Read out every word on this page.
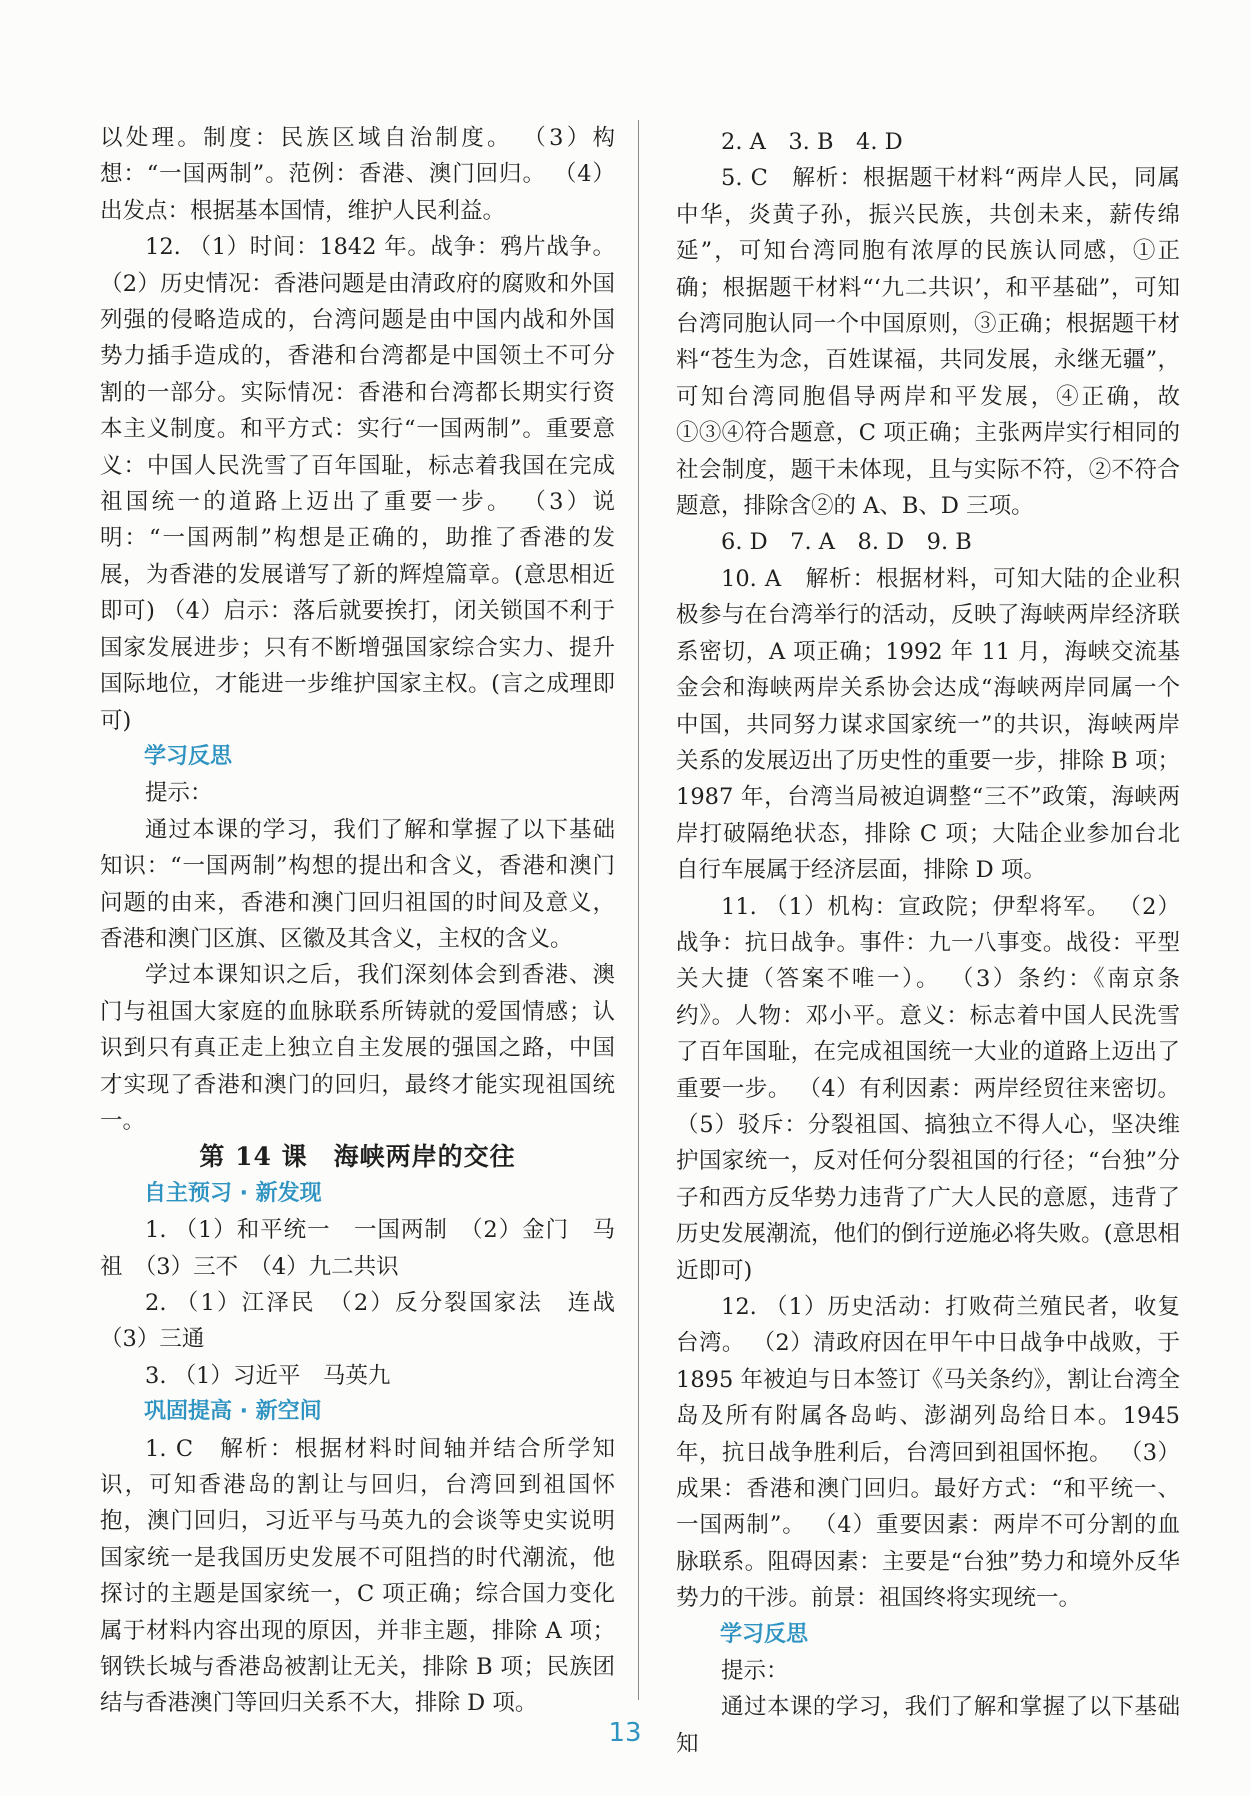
以处理。制度：民族区域自治制度。 （3）构想：“一国两制”。范例：香港、澳门回归。 （4）出发点：根据基本国情，维护人民利益。

12. （1）时间：1842 年。战争：鸦片战争。 （2）历史情况：香港问题是由清政府的腐败和外国列强的侵略造成的，台湾问题是由中国内战和外国势力插手造成的，香港和台湾都是中国领土不可分割的一部分。实际情况：香港和台湾都长期实行资本主义制度。和平方式：实行“一国两制”。重要意义：中国人民洗雪了百年国耻，标志着我国在完成祖国统一的道路上迈出了重要一步。 （3）说明：“一国两制”构想是正确的，助推了香港的发展，为香港的发展谱写了新的辉煌篇章。(意思相近即可) （4）启示：落后就要挨打，闭关锁国不利于国家发展进步；只有不断增强国家综合实力、提升国际地位，才能进一步维护国家主权。(言之成理即可)

学习反思

提示：

通过本课的学习，我们了解和掌握了以下基础知识：“一国两制”构想的提出和含义，香港和澳门问题的由来，香港和澳门回归祖国的时间及意义，香港和澳门区旗、区徽及其含义，主权的含义。

学过本课知识之后，我们深刻体会到香港、澳门与祖国大家庭的血脉联系所铸就的爱国情感；认识到只有真正走上独立自主发展的强国之路，中国才实现了香港和澳门的回归，最终才能实现祖国统一。

第 14 课　海峡两岸的交往

自主预习 · 新发现

1. （1）和平统一　一国两制　（2）金门　马祖　（3）三不　（4）九二共识

2. （1）江泽民　（2）反分裂国家法　连战 （3）三通

3. （1）习近平　马英九

巩固提高 · 新空间

1. C　解析：根据材料时间轴并结合所学知识，可知香港岛的割让与回归，台湾回到祖国怀抱，澳门回归，习近平与马英九的会谈等史实说明国家统一是我国历史发展不可阻挡的时代潮流，他探讨的主题是国家统一，C 项正确；综合国力变化属于材料内容出现的原因，并非主题，排除 A 项；钢铁长城与香港岛被割让无关，排除 B 项；民族团结与香港澳门等回归关系不大，排除 D 项。

2. A　3. B　4. D

5. C　解析：根据题干材料“两岸人民，同属中华，炎黄子孙，振兴民族，共创未来，薪传绵延”，可知台湾同胞有浓厚的民族认同感，①正确；根据题干材料“‘九二共识’，和平基础”，可知台湾同胞认同一个中国原则，③正确；根据题干材料“苍生为念，百姓谋福，共同发展，永继无疆”，可知台湾同胞倡导两岸和平发展，④正确，故①③④符合题意，C 项正确；主张两岸实行相同的社会制度，题干未体现，且与实际不符，②不符合题意，排除含②的 A、B、D 三项。

6. D　7. A　8. D　9. B

10. A　解析：根据材料，可知大陆的企业积极参与在台湾举行的活动，反映了海峡两岸经济联系密切，A 项正确；1992 年 11 月，海峡交流基金会和海峡两岸关系协会达成“海峡两岸同属一个中国，共同努力谋求国家统一”的共识，海峡两岸关系的发展迈出了历史性的重要一步，排除 B 项；1987 年，台湾当局被迫调整“三不”政策，海峡两岸打破隔绝状态，排除 C 项；大陆企业参加台北自行车展属于经济层面，排除 D 项。

11. （1）机构：宣政院；伊犁将军。 （2）战争：抗日战争。事件：九一八事变。战役：平型关大捷（答案不唯一）。 （3）条约：《南京条约》。人物：邓小平。意义：标志着中国人民洗雪了百年国耻，在完成祖国统一大业的道路上迈出了重要一步。 （4）有利因素：两岸经贸往来密切。 （5）驳斥：分裂祖国、搞独立不得人心，坚决维护国家统一，反对任何分裂祖国的行径；“台独”分子和西方反华势力违背了广大人民的意愿，违背了历史发展潮流，他们的倒行逆施必将失败。(意思相近即可)

12. （1）历史活动：打败荷兰殖民者，收复台湾。 （2）清政府因在甲午中日战争中战败，于 1895 年被迫与日本签订《马关条约》，割让台湾全岛及所有附属各岛屿、澎湖列岛给日本。1945 年，抗日战争胜利后，台湾回到祖国怀抱。 （3）成果：香港和澳门回归。最好方式：“和平统一、一国两制”。 （4）重要因素：两岸不可分割的血脉联系。阻碍因素：主要是“台独”势力和境外反华势力的干涉。前景：祖国终将实现统一。

学习反思

提示：

通过本课的学习，我们了解和掌握了以下基础知

13
